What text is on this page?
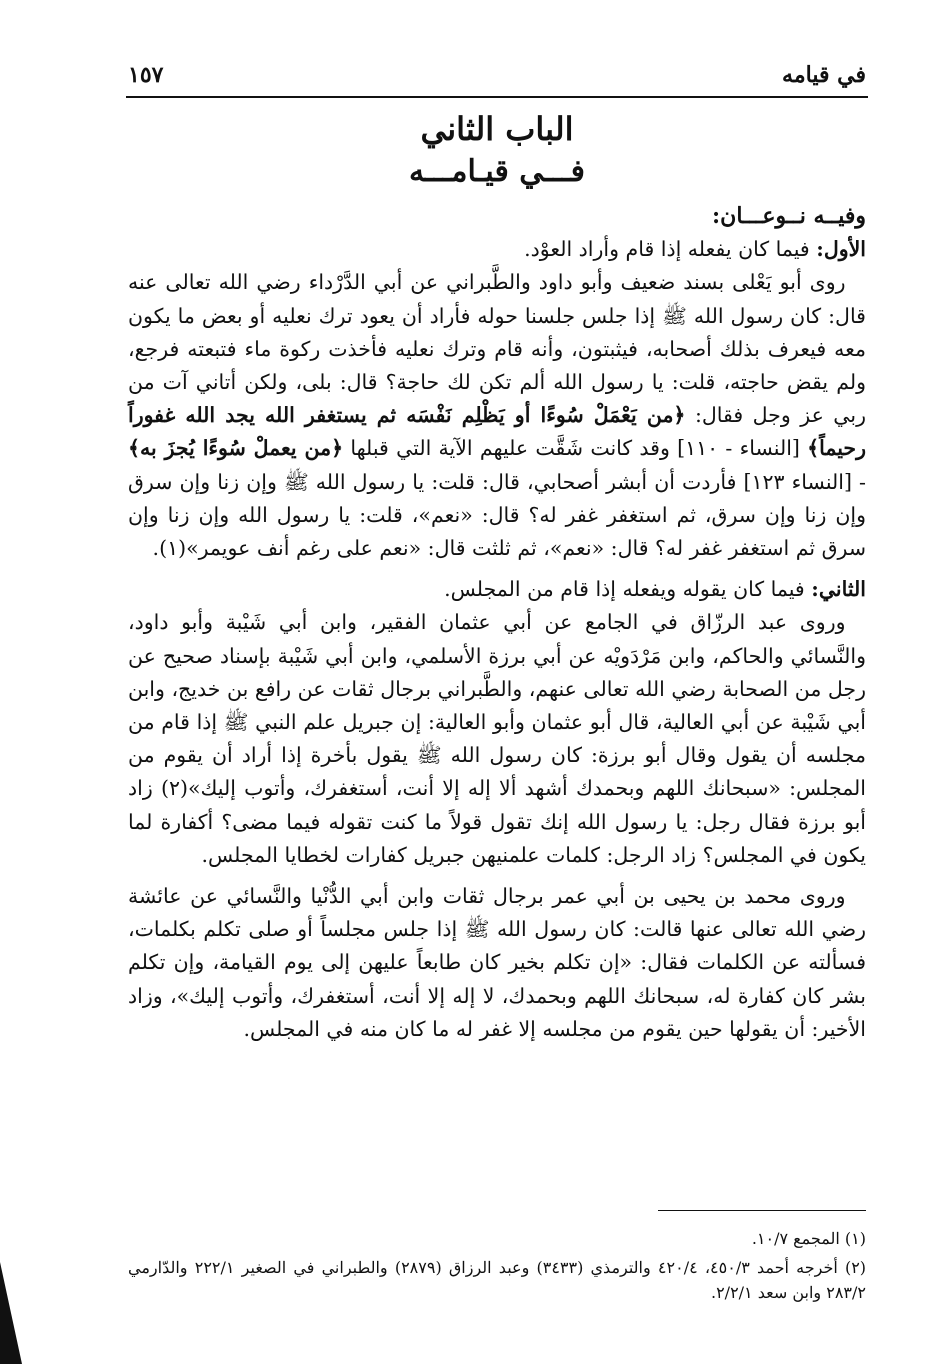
في قيامه
١٥٧
الباب الثاني
فـــي قيـامـــه

وفيــه نــوعـــان:

الأول: فيما كان يفعله إذا قام وأراد العوْد.

 روى أبو يَعْلى بسند ضعيف وأبو داود والطَّبراني عن أبي الدَّرْداء رضي الله تعالى عنه قال: كان رسول الله ﷺ إذا جلس جلسنا حوله فأراد أن يعود ترك نعليه أو بعض ما يكون معه فيعرف بذلك أصحابه، فيثبتون، وأنه قام وترك نعليه فأخذت ركوة ماء فتبعته فرجع، ولم يقض حاجته، قلت: يا رسول الله ألم تكن لك حاجة؟ قال: بلى، ولكن أتاني آت من ربي عز وجل فقال: ﴿من يَعْمَلْ سُوءًا أو يَظْلِم نَفْسَه ثم يستغفر الله يجد الله غفوراً رحيماً﴾ [النساء - ١١٠] وقد كانت شَقَّت عليهم الآية التي قبلها ﴿من يعملْ سُوءًا يُجزَ به﴾ - [النساء ١٢٣] فأردت أن أبشر أصحابي، قال: قلت: يا رسول الله ﷺ وإن زنا وإن سرق وإن زنا وإن سرق، ثم استغفر غفر له؟ قال: «نعم»، قلت: يا رسول الله وإن زنا وإن سرق ثم استغفر غفر له؟ قال: «نعم»، ثم ثلثت قال: «نعم على رغم أنف عويمر»(١).

الثاني: فيما كان يقوله ويفعله إذا قام من المجلس.

 وروى عبد الرزّاق في الجامع عن أبي عثمان الفقير، وابن أبي شَيْبة وأبو داود، والنَّسائي والحاكم، وابن مَرْدَويْه عن أبي برزة الأسلمي، وابن أبي شَيْبة بإسناد صحيح عن رجل من الصحابة رضي الله تعالى عنهم، والطَّبراني برجال ثقات عن رافع بن خديج، وابن أبي شَيْبة عن أبي العالية، قال أبو عثمان وأبو العالية: إن جبريل علم النبي ﷺ إذا قام من مجلسه أن يقول وقال أبو برزة: كان رسول الله ﷺ يقول بأخرة إذا أراد أن يقوم من المجلس: «سبحانك اللهم وبحمدك أشهد ألا إله إلا أنت، أستغفرك، وأتوب إليك»(٢) زاد أبو برزة فقال رجل: يا رسول الله إنك تقول قولاً ما كنت تقوله فيما مضى؟ أكفارة لما يكون في المجلس؟ زاد الرجل: كلمات علمنيهن جبريل كفارات لخطايا المجلس.

 وروى محمد بن يحيى بن أبي عمر برجال ثقات وابن أبي الدُّنْيا والنَّسائي عن عائشة رضي الله تعالى عنها قالت: كان رسول الله ﷺ إذا جلس مجلساً أو صلى تكلم بكلمات، فسألته عن الكلمات فقال: «إن تكلم بخير كان طابعاً عليهن إلى يوم القيامة، وإن تكلم بشر كان كفارة له، سبحانك اللهم وبحمدك، لا إله إلا أنت، أستغفرك، وأتوب إليك»، وزاد الأخير: أن يقولها حين يقوم من مجلسه إلا غفر له ما كان منه في المجلس.

(١) المجمع ١٠/٧.

(٢) أخرجه أحمد ٤٥٠/٣، ٤٢٠/٤ والترمذي (٣٤٣٣) وعبد الرزاق (٢٨٧٩) والطبراني في الصغير ٢٢٢/١ والدّارمي ٢٨٣/٢ وابن سعد ٢/٢/١.
